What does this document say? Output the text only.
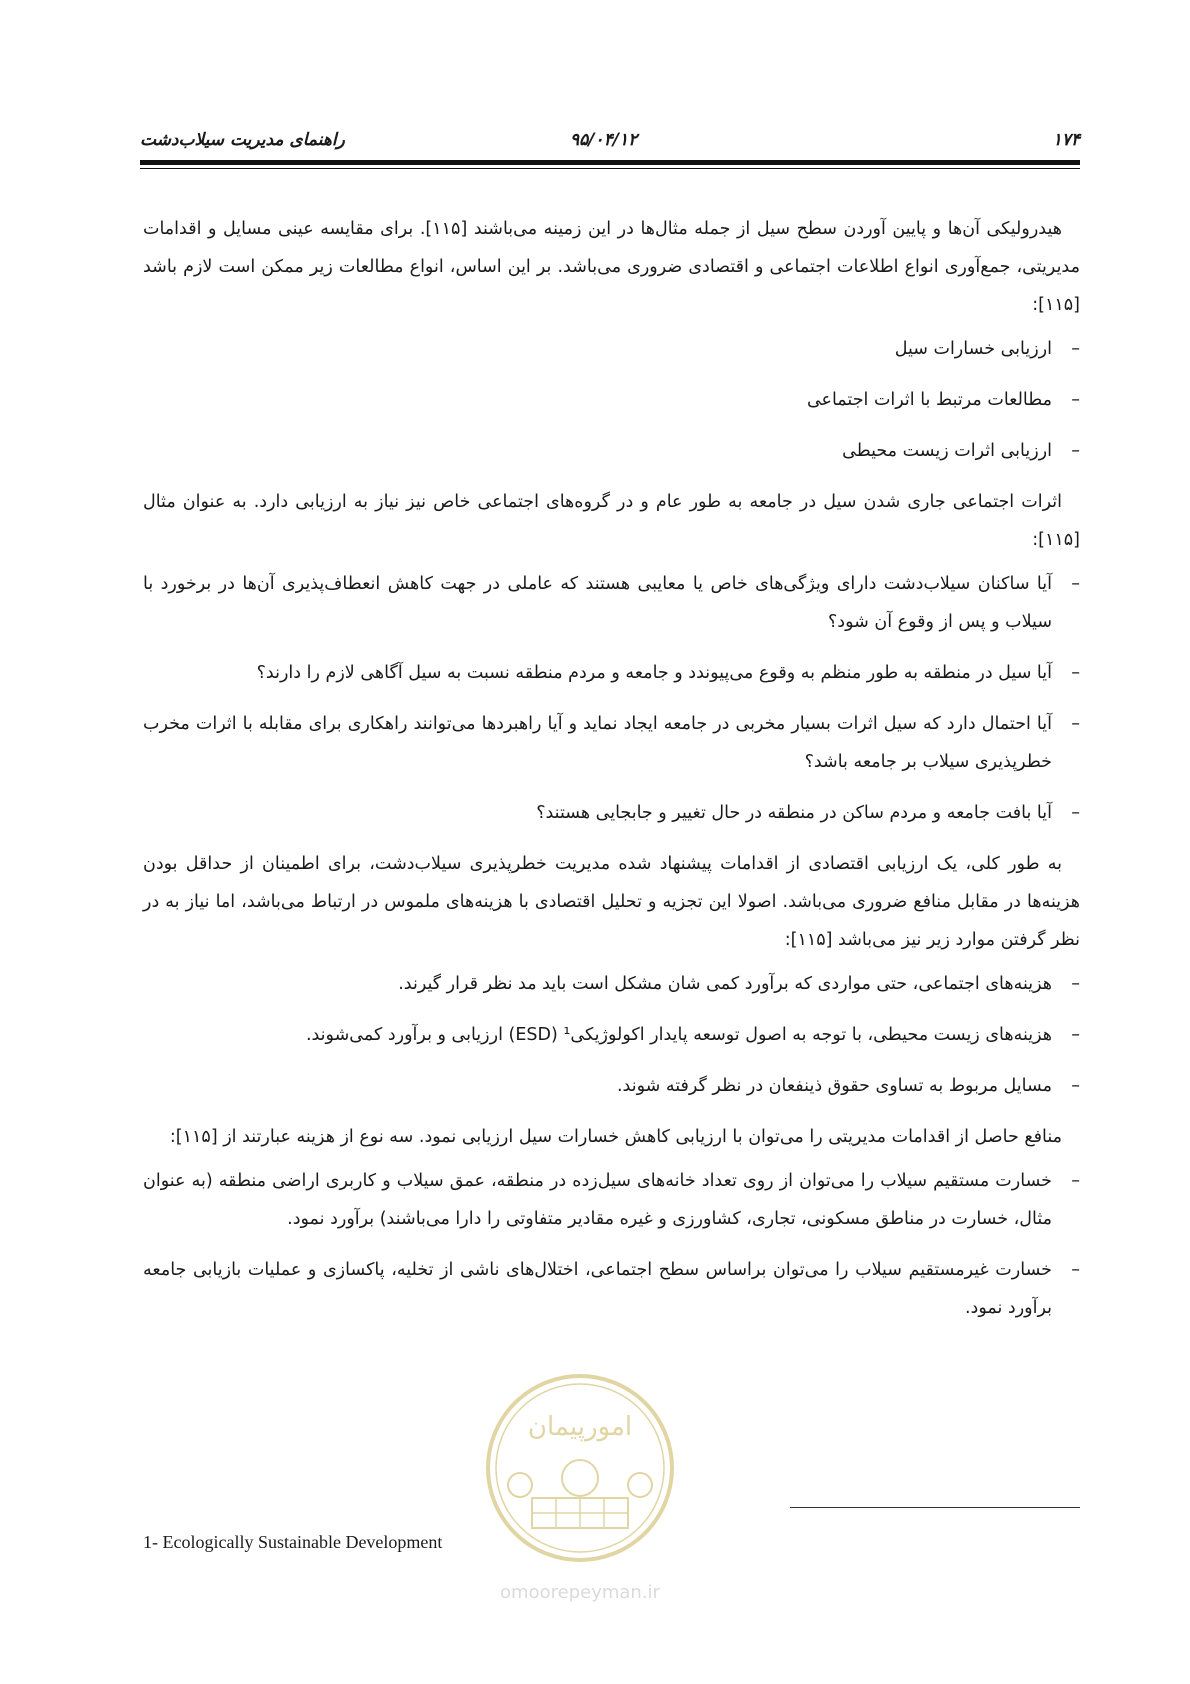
راهنمای مدیریت سیلاب‌دشت	۹۵/۰۴/۱۲	۱۷۴

هیدرولیکی آن‌ها و پایین آوردن سطح سیل از جمله مثال‌ها در این زمینه می‌باشند [۱۱۵]. برای مقایسه عینی مسایل و اقدامات مدیریتی، جمع‌آوری انواع اطلاعات اجتماعی و اقتصادی ضروری می‌باشد. بر این اساس، انواع مطالعات زیر ممکن است لازم باشد [۱۱۵]:

–
ارزیابی خسارات سیل
–
مطالعات مرتبط با اثرات اجتماعی
–
ارزیابی اثرات زیست محیطی

اثرات اجتماعی جاری شدن سیل در جامعه به طور عام و در گروه‌های اجتماعی خاص نیز نیاز به ارزیابی دارد. به عنوان مثال [۱۱۵]:

–
آیا ساکنان سیلاب‌دشت دارای ویژگی‌های خاص یا معایبی هستند که عاملی در جهت کاهش انعطاف‌پذیری آن‌ها در برخورد با سیلاب و پس از وقوع آن شود؟
–
آیا سیل در منطقه به طور منظم به وقوع می‌پیوندد و جامعه و مردم منطقه نسبت به سیل آگاهی لازم را دارند؟
–
آیا احتمال دارد که سیل اثرات بسیار مخربی در جامعه ایجاد نماید و آیا راهبردها می‌توانند راهکاری برای مقابله با اثرات مخرب خطرپذیری سیلاب بر جامعه باشد؟
–
آیا بافت جامعه و مردم ساکن در منطقه در حال تغییر و جابجایی هستند؟

به طور کلی، یک ارزیابی اقتصادی از اقدامات پیشنهاد شده مدیریت خطرپذیری سیلاب‌دشت، برای اطمینان از حداقل بودن هزینه‌ها در مقابل منافع ضروری می‌باشد. اصولا این تجزیه و تحلیل اقتصادی با هزینه‌های ملموس در ارتباط می‌باشد، اما نیاز به در نظر گرفتن موارد زیر نیز می‌باشد [۱۱۵]:

–
هزینه‌های اجتماعی، حتی مواردی که برآورد کمی شان مشکل است باید مد نظر قرار گیرند.
–
هزینه‌های زیست محیطی، با توجه به اصول توسعه پایدار اکولوژیکی¹ (ESD) ارزیابی و برآورد کمی‌شوند.
–
مسایل مربوط به تساوی حقوق ذینفعان در نظر گرفته شوند.

منافع حاصل از اقدامات مدیریتی را می‌توان با ارزیابی کاهش خسارات سیل ارزیابی نمود. سه نوع از هزینه عبارتند از [۱۱۵]:

–
خسارت مستقیم سیلاب را می‌توان از روی تعداد خانه‌های سیل‌زده در منطقه، عمق سیلاب و کاربری اراضی منطقه (به عنوان مثال، خسارت در مناطق مسکونی، تجاری، کشاورزی و غیره مقادیر متفاوتی را دارا می‌باشند) برآورد نمود.
–
خسارت غیرمستقیم سیلاب را می‌توان براساس سطح اجتماعی، اختلال‌های ناشی از تخلیه، پاکسازی و عملیات بازیابی جامعه برآورد نمود.
1- Ecologically Sustainable Development
امورپیمان
omoorepeyman.ir
